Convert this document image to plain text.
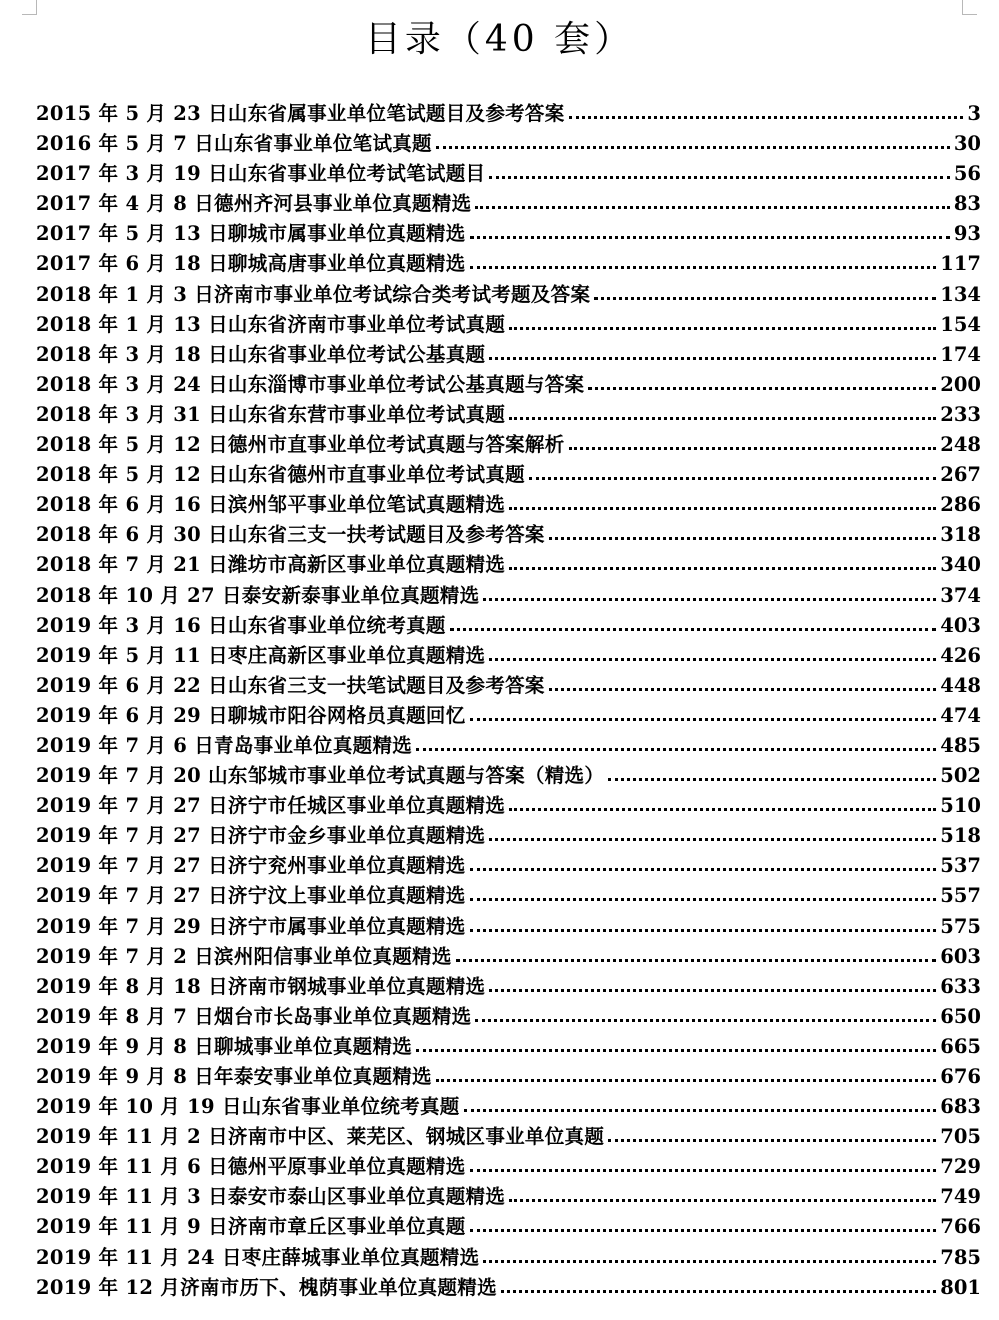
目录（40 套）
2015 年 5 月 23 日山东省属事业单位笔试题目及参考答案	3
2016 年 5 月 7 日山东省事业单位笔试真题	30
2017 年 3 月 19 日山东省事业单位考试笔试题目	56
2017 年 4 月 8 日德州齐河县事业单位真题精选	83
2017 年 5 月 13 日聊城市属事业单位真题精选	93
2017 年 6 月 18 日聊城高唐事业单位真题精选	117
2018 年 1 月 3 日济南市事业单位考试综合类考试考题及答案	134
2018 年 1 月 13 日山东省济南市事业单位考试真题	154
2018 年 3 月 18 日山东省事业单位考试公基真题	174
2018 年 3 月 24 日山东淄博市事业单位考试公基真题与答案	200
2018 年 3 月 31 日山东省东营市事业单位考试真题	233
2018 年 5 月 12 日德州市直事业单位考试真题与答案解析	248
2018 年 5 月 12 日山东省德州市直事业单位考试真题	267
2018 年 6 月 16 日滨州邹平事业单位笔试真题精选	286
2018 年 6 月 30 日山东省三支一扶考试题目及参考答案	318
2018 年 7 月 21 日潍坊市高新区事业单位真题精选	340
2018 年 10 月 27 日泰安新泰事业单位真题精选	374
2019 年 3 月 16 日山东省事业单位统考真题	403
2019 年 5 月 11 日枣庄高新区事业单位真题精选	426
2019 年 6 月 22 日山东省三支一扶笔试题目及参考答案	448
2019 年 6 月 29 日聊城市阳谷网格员真题回忆	474
2019 年 7 月 6 日青岛事业单位真题精选	485
2019 年 7 月 20 山东邹城市事业单位考试真题与答案（精选）	502
2019 年 7 月 27 日济宁市任城区事业单位真题精选	510
2019 年 7 月 27 日济宁市金乡事业单位真题精选	518
2019 年 7 月 27 日济宁兖州事业单位真题精选	537
2019 年 7 月 27 日济宁汶上事业单位真题精选	557
2019 年 7 月 29 日济宁市属事业单位真题精选	575
2019 年 7 月 2 日滨州阳信事业单位真题精选	603
2019 年 8 月 18 日济南市钢城事业单位真题精选	633
2019 年 8 月 7 日烟台市长岛事业单位真题精选	650
2019 年 9 月 8 日聊城事业单位真题精选	665
2019 年 9 月 8 日年泰安事业单位真题精选	676
2019 年 10 月 19 日山东省事业单位统考真题	683
2019 年 11 月 2 日济南市中区、莱芜区、钢城区事业单位真题	705
2019 年 11 月 6 日德州平原事业单位真题精选	729
2019 年 11 月 3 日泰安市泰山区事业单位真题精选	749
2019 年 11 月 9 日济南市章丘区事业单位真题	766
2019 年 11 月 24 日枣庄薛城事业单位真题精选	785
2019 年 12 月济南市历下、槐荫事业单位真题精选	801
